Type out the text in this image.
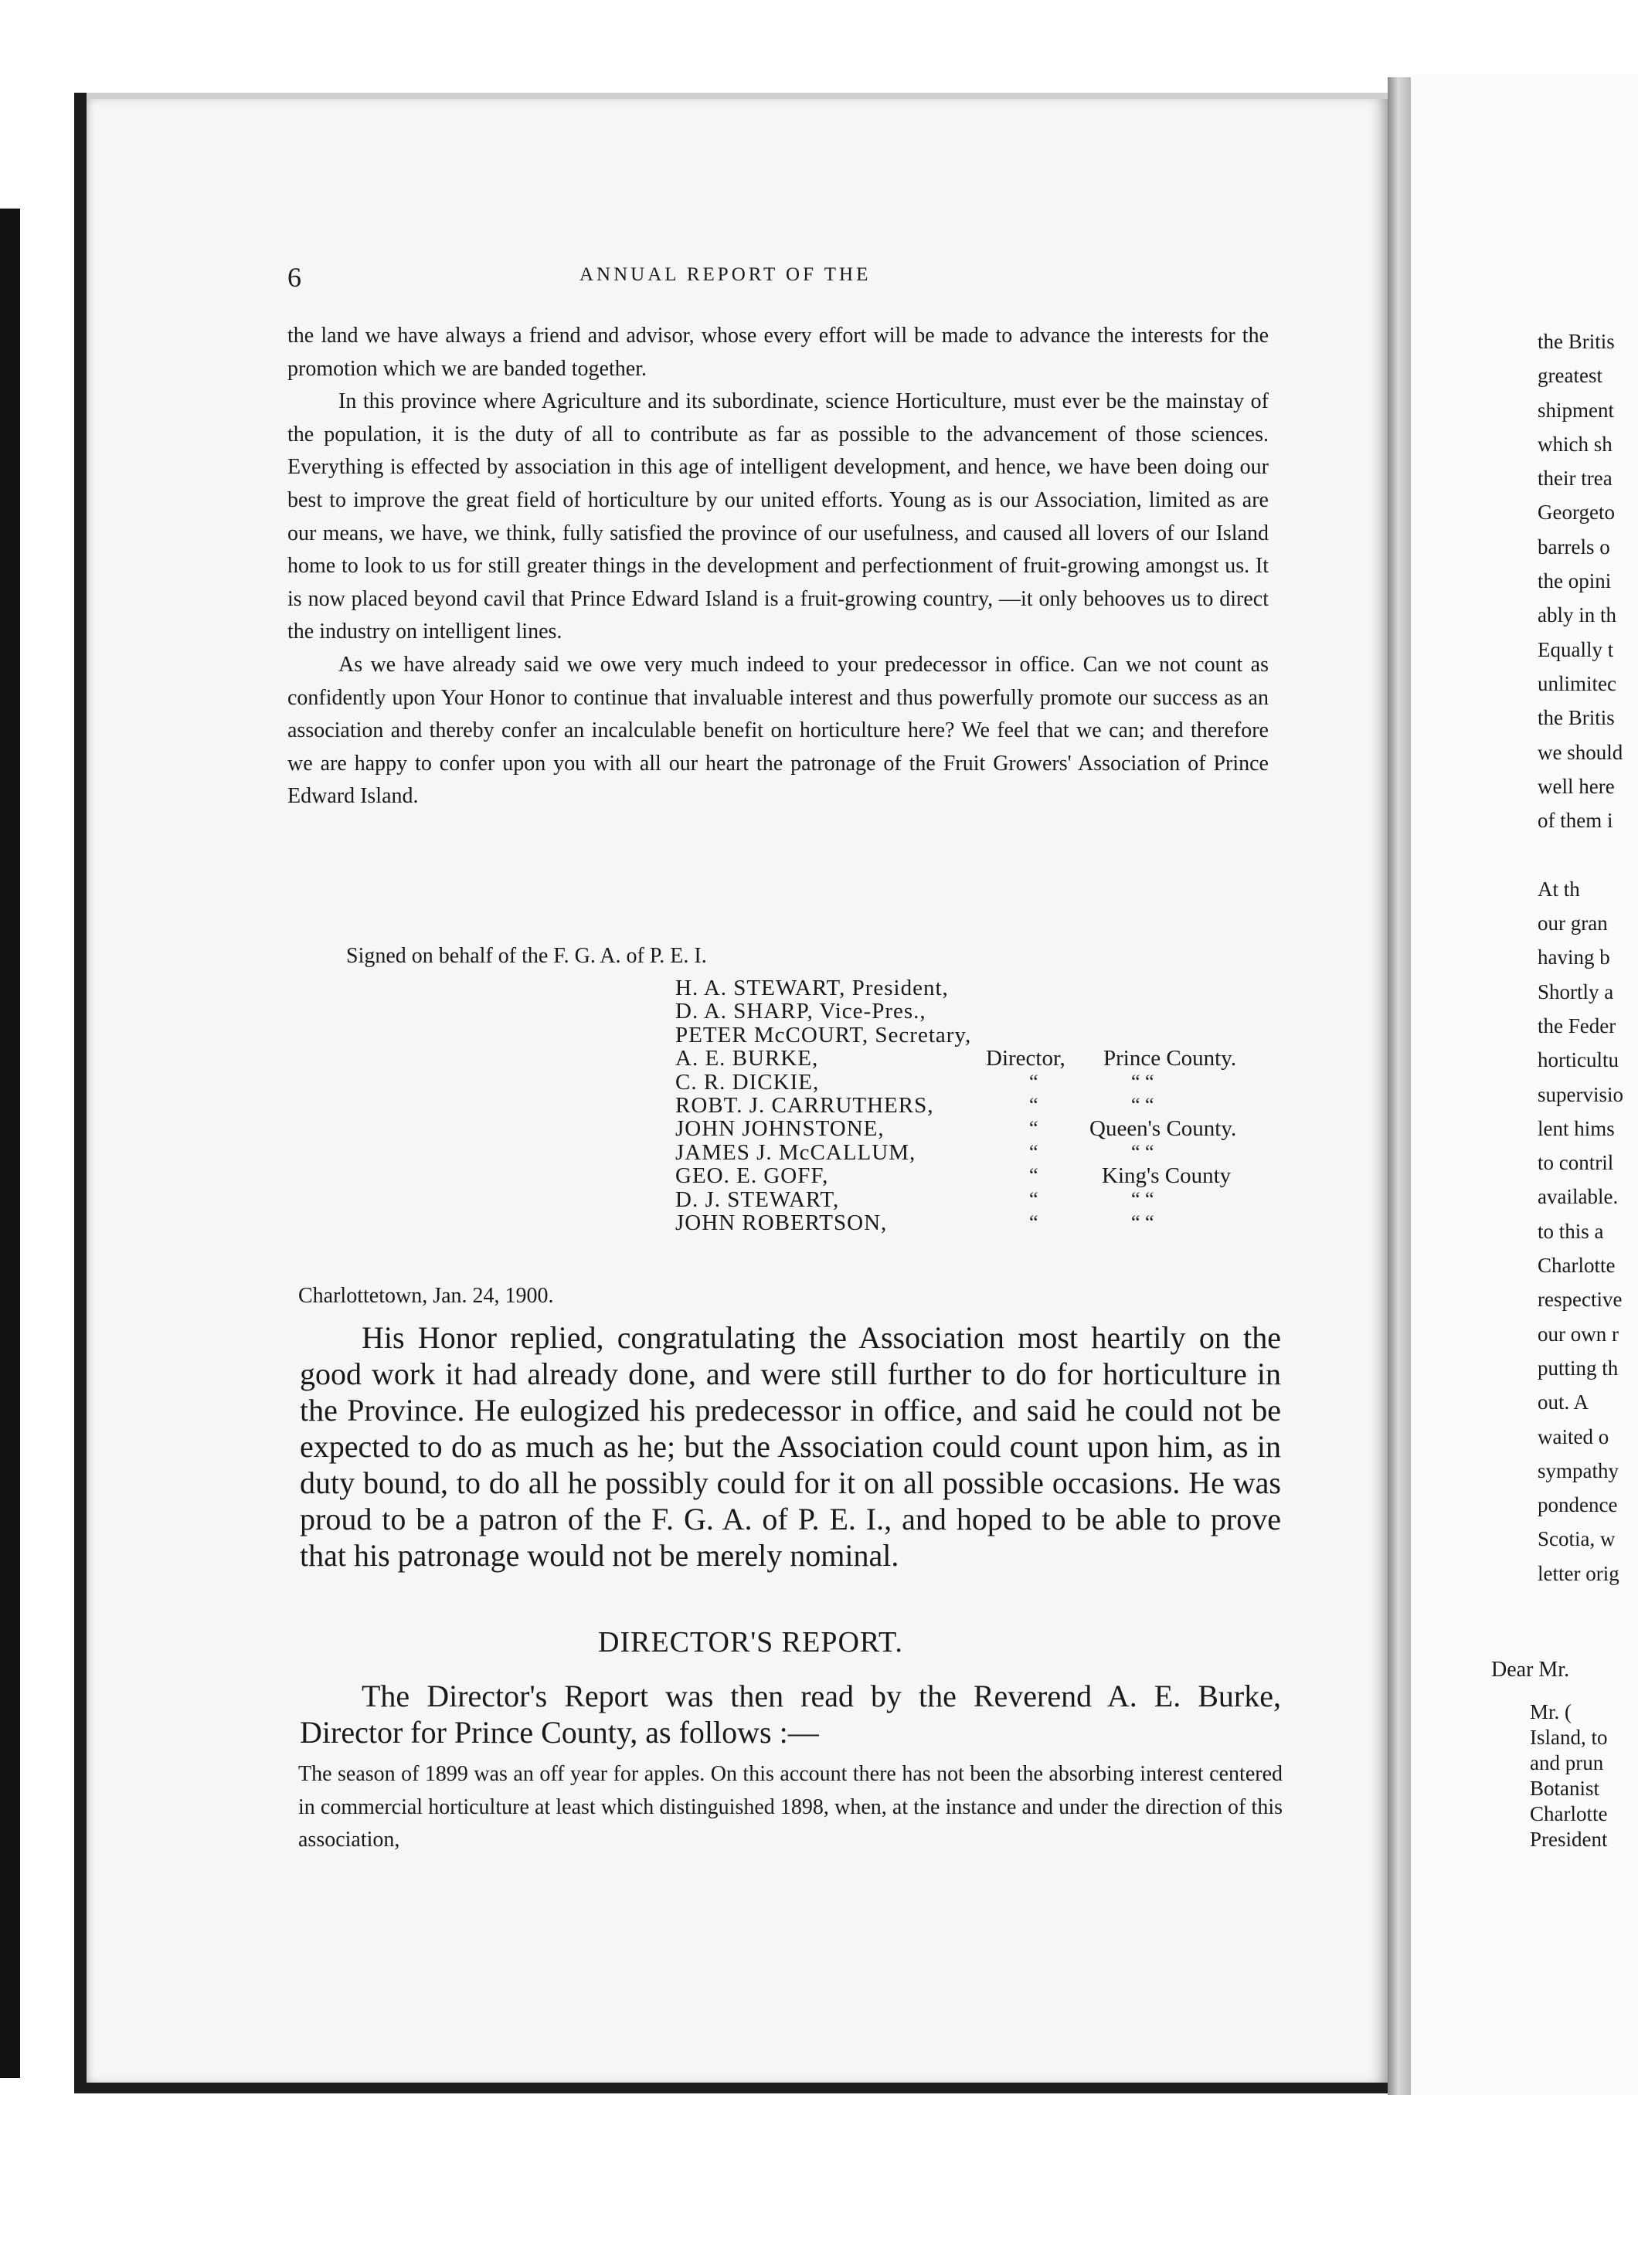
6	ANNUAL REPORT OF THE

the land we have always a friend and advisor, whose every effort will be made to advance the interests for the promotion which we are banded together.

In this province where Agriculture and its subordinate, science Horticulture, must ever be the mainstay of the population, it is the duty of all to contribute as far as possible to the advancement of those sciences. Everything is effected by association in this age of intelligent development, and hence, we have been doing our best to improve the great field of horticulture by our united efforts. Young as is our Association, limited as are our means, we have, we think, fully satisfied the province of our usefulness, and caused all lovers of our Island home to look to us for still greater things in the development and perfectionment of fruit-growing amongst us. It is now placed beyond cavil that Prince Edward Island is a fruit-growing country, —it only behooves us to direct the industry on intelligent lines.

As we have already said we owe very much indeed to your predecessor in office. Can we not count as confidently upon Your Honor to continue that invaluable interest and thus powerfully promote our success as an association and thereby confer an incalculable benefit on horticulture here? We feel that we can; and therefore we are happy to confer upon you with all our heart the patronage of the Fruit Growers' Association of Prince Edward Island.

Signed on behalf of the F. G. A. of P. E. I.
H. A. STEWART, President,
D. A. SHARP, Vice-Pres.,
PETER McCOURT, Secretary,
A. E. BURKE,	Director, Prince County.
C. R. DICKIE,	“	“ “
ROBT. J. CARRUTHERS,	“	“ “
JOHN JOHNSTONE,	“ Queen's County.
JAMES J. McCALLUM,	“	“ “
GEO. E. GOFF,	“	King's County
D. J. STEWART,	“	“ “
JOHN ROBERTSON,	“	“ “
Charlottetown, Jan. 24, 1900.

His Honor replied, congratulating the Association most heartily on the good work it had already done, and were still further to do for horticulture in the Province. He eulogized his predecessor in office, and said he could not be expected to do as much as he; but the Association could count upon him, as in duty bound, to do all he possibly could for it on all possible occasions. He was proud to be a patron of the F. G. A. of P. E. I., and hoped to be able to prove that his patronage would not be merely nominal.

DIRECTOR'S REPORT.

The Director's Report was then read by the Reverend A. E. Burke, Director for Prince County, as follows :—

The season of 1899 was an off year for apples. On this account there has not been the absorbing interest centered in commercial horticulture at least which distinguished 1898, when, at the instance and under the direction of this association,

the Britis
greatest
shipment
which sh
their trea
Georgeto
barrels o
the opini
ably in th
Equally t
unlimitec
the Britis
we should
well here
of them i
At th
our gran
having b
Shortly a
the Feder
horticultu
supervisio
lent hims
to contril
available.
to this a
Charlotte
respective
our own r
putting th
out. A
waited o
sympathy
pondence
Scotia, w
letter orig
Dear Mr.
Mr. (
Island, to
and prun
Botanist
Charlotte
President
